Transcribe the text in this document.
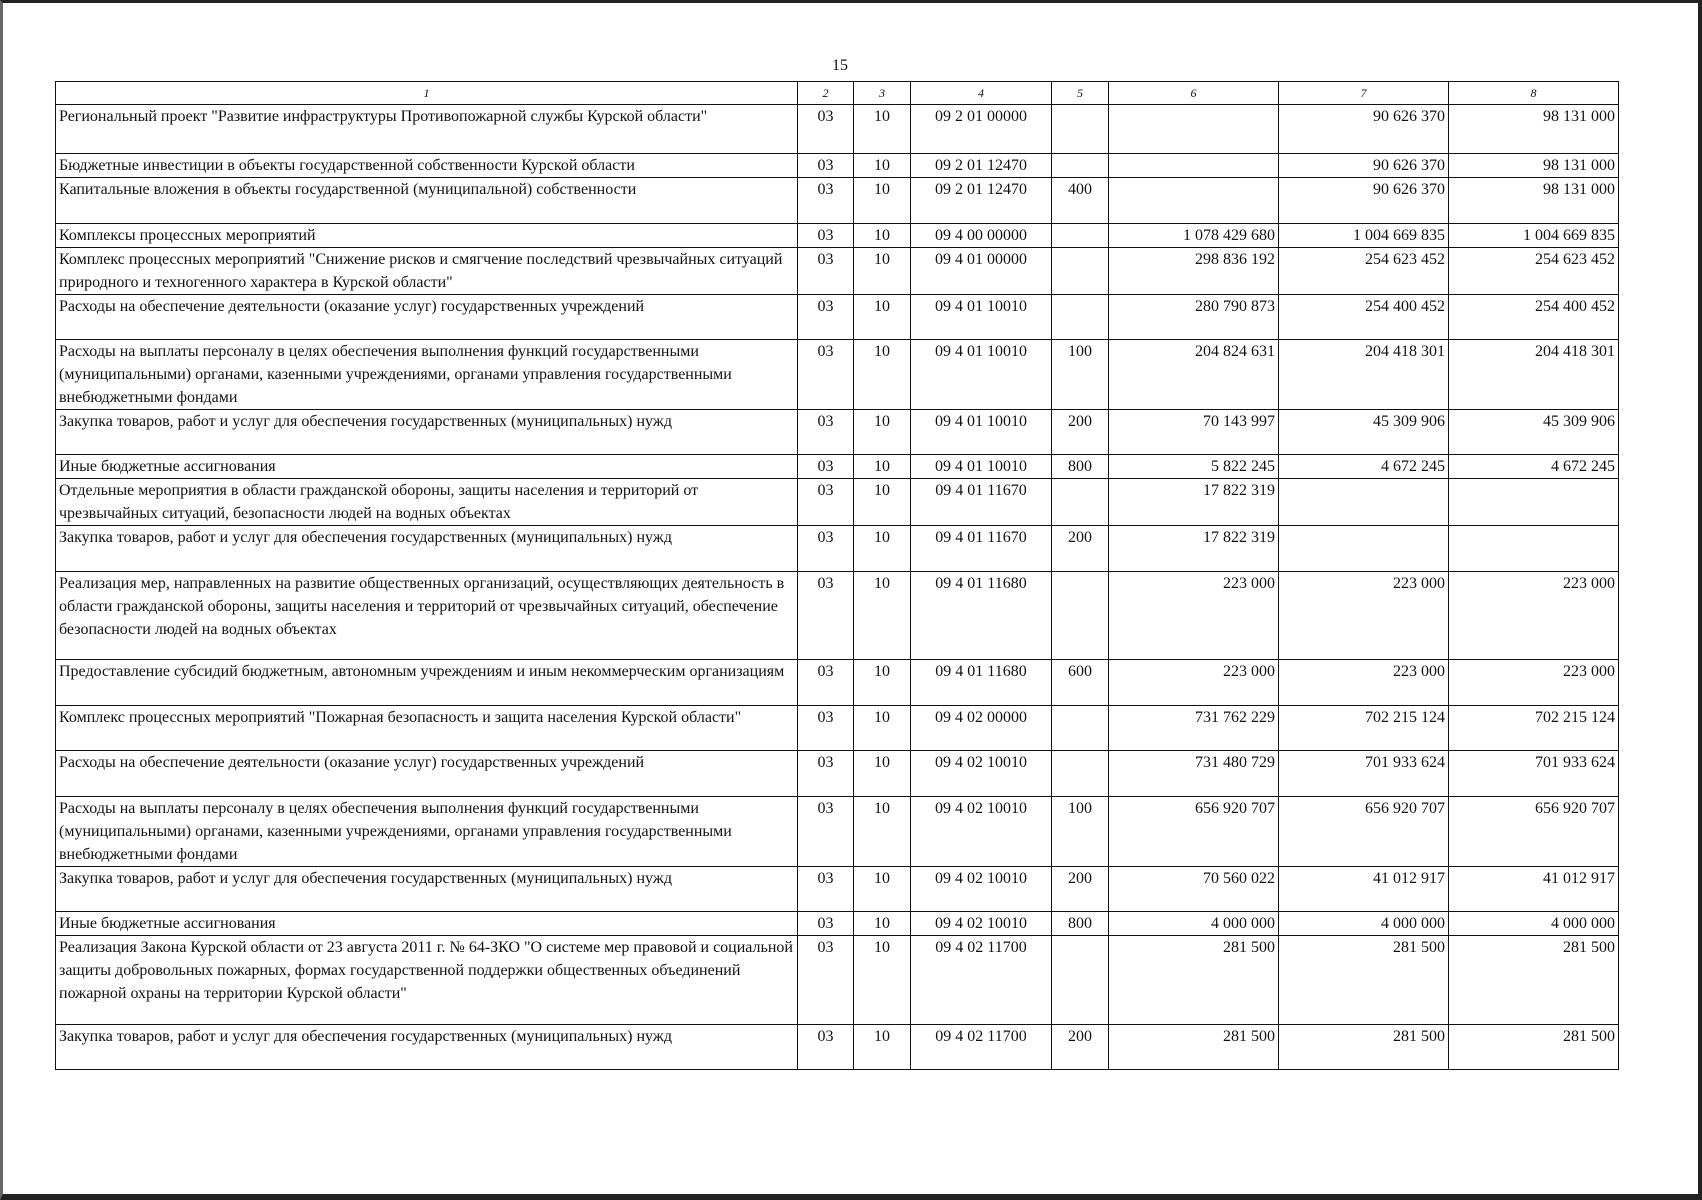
15
1	2	3	4	5	6	7	8
Региональный проект "Развитие инфраструктуры Противопожарной службы Курской области"	03	10	09 2 01 00000			90 626 370	98 131 000
Бюджетные инвестиции в объекты государственной собственности Курской области	03	10	09 2 01 12470			90 626 370	98 131 000
Капитальные вложения в объекты государственной (муниципальной) собственности	03	10	09 2 01 12470	400		90 626 370	98 131 000
Комплексы процессных мероприятий	03	10	09 4 00 00000		1 078 429 680	1 004 669 835	1 004 669 835
Комплекс процессных мероприятий "Снижение рисков и смягчение последствий чрезвычайных ситуаций природного и техногенного характера в Курской области"	03	10	09 4 01 00000		298 836 192	254 623 452	254 623 452
Расходы на обеспечение деятельности (оказание услуг) государственных учреждений	03	10	09 4 01 10010		280 790 873	254 400 452	254 400 452
Расходы на выплаты персоналу в целях обеспечения выполнения функций государственными (муниципальными) органами, казенными учреждениями, органами управления государственными внебюджетными фондами	03	10	09 4 01 10010	100	204 824 631	204 418 301	204 418 301
Закупка товаров, работ и услуг для обеспечения государственных (муниципальных) нужд	03	10	09 4 01 10010	200	70 143 997	45 309 906	45 309 906
Иные бюджетные ассигнования	03	10	09 4 01 10010	800	5 822 245	4 672 245	4 672 245
Отдельные мероприятия в области гражданской обороны, защиты населения и территорий от чрезвычайных ситуаций, безопасности людей на водных объектах	03	10	09 4 01 11670		17 822 319		
Закупка товаров, работ и услуг для обеспечения государственных (муниципальных) нужд	03	10	09 4 01 11670	200	17 822 319		
Реализация мер, направленных на развитие общественных организаций, осуществляющих деятельность в области гражданской обороны, защиты населения и территорий от чрезвычайных ситуаций, обеспечение безопасности людей на водных объектах	03	10	09 4 01 11680		223 000	223 000	223 000
Предоставление субсидий бюджетным, автономным учреждениям и иным некоммерческим организациям	03	10	09 4 01 11680	600	223 000	223 000	223 000
Комплекс процессных мероприятий "Пожарная безопасность и защита населения Курской области"	03	10	09 4 02 00000		731 762 229	702 215 124	702 215 124
Расходы на обеспечение деятельности (оказание услуг) государственных учреждений	03	10	09 4 02 10010		731 480 729	701 933 624	701 933 624
Расходы на выплаты персоналу в целях обеспечения выполнения функций государственными (муниципальными) органами, казенными учреждениями, органами управления государственными внебюджетными фондами	03	10	09 4 02 10010	100	656 920 707	656 920 707	656 920 707
Закупка товаров, работ и услуг для обеспечения государственных (муниципальных) нужд	03	10	09 4 02 10010	200	70 560 022	41 012 917	41 012 917
Иные бюджетные ассигнования	03	10	09 4 02 10010	800	4 000 000	4 000 000	4 000 000
Реализация Закона Курской области от 23 августа 2011 г. № 64-ЗКО "О системе мер правовой и социальной защиты добровольных пожарных, формах государственной поддержки общественных объединений пожарной охраны на территории Курской области"	03	10	09 4 02 11700		281 500	281 500	281 500
Закупка товаров, работ и услуг для обеспечения государственных (муниципальных) нужд	03	10	09 4 02 11700	200	281 500	281 500	281 500
